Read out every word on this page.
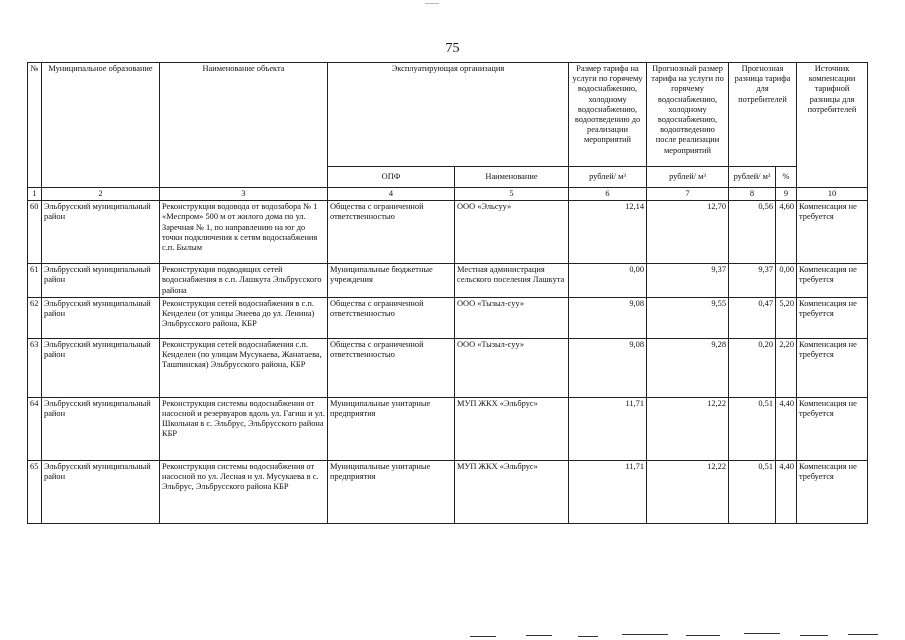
75
№	Муниципальное образование	Наименование объекта	Эксплуатирующая организация		Размер тарифа на услуги по горячему водоснабжению, холодному водоснабжению, водоотведению до реализации мероприятий	Прогнозный размер тарифа на услуги по горячему водоснабжению, холодному водоснабжению, водоотведению после реализации мероприятий	Прогнозная разница тарифа для потребителей		Источник компенсации тарифной разницы для потребителей
			ОПФ	Наименование	рублей/ м³	рублей/ м³	рублей/ м³	%	
1	2	3	4	5	6	7	8	9	10
60	Эльбрусский муниципальный район	Реконструкция водовода от водозабора № 1 «Меспром» 500 м от жилого дома по ул. Заречная № 1, по направлению на юг до точки подключения к сетям водоснабжения с.п. Былым	Общества с ограниченной ответственностью	ООО «Эльсуу»	12,14	12,70	0,56	4,60	Компенсация не требуется
61	Эльбрусский муниципальный район	Реконструкция подводящих сетей водоснабжения в с.п. Лашкута Эльбрусского района	Муниципальные бюджетные учреждения	Местная администрация сельского поселения Лашкута	0,00	9,37	9,37	0,00	Компенсация не требуется
62	Эльбрусский муниципальный район	Реконструкция сетей водоснабжения в с.п. Кенделен (от улицы Энеева до ул. Ленина) Эльбрусского района, КБР	Общества с ограниченной ответственностью	ООО «Тызыл-суу»	9,08	9,55	0,47	5,20	Компенсация не требуется
63	Эльбрусский муниципальный район	Реконструкция сетей водоснабжения с.п. Кенделен (по улицам Мусукаева, Жанатаева, Ташпинская) Эльбрусского района, КБР	Общества с ограниченной ответственностью	ООО «Тызыл-суу»	9,08	9,28	0,20	2,20	Компенсация не требуется
64	Эльбрусский муниципальный район	Реконструкция системы водоснабжения от насосной и резервуаров вдоль ул. Гагиш и ул. Школьная в с. Эльбрус, Эльбрусского района КБР	Муниципальные унитарные предприятия	МУП ЖКХ «Эльбрус»	11,71	12,22	0,51	4,40	Компенсация не требуется
65	Эльбрусский муниципальный район	Реконструкция системы водоснабжения от насосной по ул. Лесная и ул. Мусукаева в с. Эльбрус, Эльбрусского района КБР	Муниципальные унитарные предприятия	МУП ЖКХ «Эльбрус»	11,71	12,22	0,51	4,40	Компенсация не требуется
